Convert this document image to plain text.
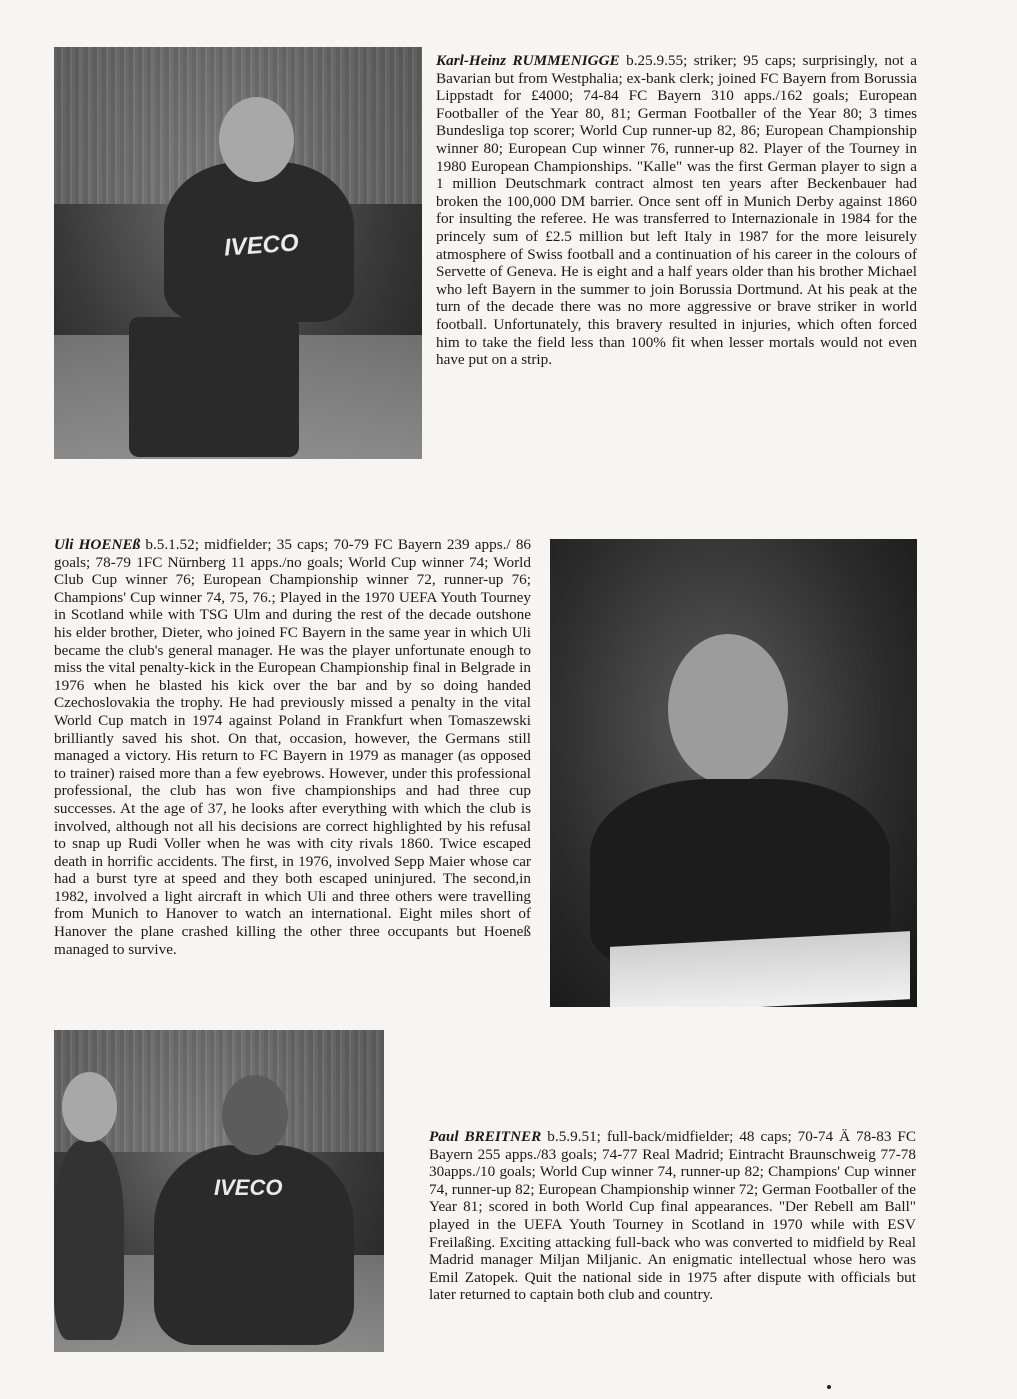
IVECO
Karl-Heinz RUMMENIGGE b.25.9.55; striker; 95 caps; surprisingly, not a Bavarian but from Westphalia; ex-bank clerk; joined FC Bayern from Borussia Lippstadt for £4000; 74-84 FC Bayern 310 apps./162 goals; European Footballer of the Year 80, 81; German Footballer of the Year 80; 3 times Bundesliga top scorer; World Cup runner-up 82, 86; European Championship winner 80; European Cup winner 76, runner-up 82. Player of the Tourney in 1980 European Championships. "Kalle" was the first German player to sign a 1 million Deutschmark contract almost ten years after Beckenbauer had broken the 100,000 DM barrier. Once sent off in Munich Derby against 1860 for insulting the referee. He was transferred to Internazionale in 1984 for the princely sum of £2.5 million but left Italy in 1987 for the more leisurely atmosphere of Swiss football and a continuation of his career in the colours of Servette of Geneva. He is eight and a half years older than his brother Michael who left Bayern in the summer to join Borussia Dortmund. At his peak at the turn of the decade there was no more aggressive or brave striker in world football. Unfortunately, this bravery resulted in injuries, which often forced him to take the field less than 100% fit when lesser mortals would not even have put on a strip.
Uli HOENEß b.5.1.52; midfielder; 35 caps; 70-79 FC Bayern 239 apps./ 86 goals; 78-79 1FC Nürnberg 11 apps./no goals; World Cup winner 74; World Club Cup winner 76; European Championship winner 72, runner-up 76; Champions' Cup winner 74, 75, 76.; Played in the 1970 UEFA Youth Tourney in Scotland while with TSG Ulm and during the rest of the decade outshone his elder brother, Dieter, who joined FC Bayern in the same year in which Uli became the club's general manager. He was the player unfortunate enough to miss the vital penalty-kick in the European Championship final in Belgrade in 1976 when he blasted his kick over the bar and by so doing handed Czechoslovakia the trophy. He had previously missed a penalty in the vital World Cup match in 1974 against Poland in Frankfurt when Tomaszewski brilliantly saved his shot. On that, occasion, however, the Germans still managed a victory. His return to FC Bayern in 1979 as manager (as opposed to trainer) raised more than a few eyebrows. However, under this professional professional, the club has won five championships and had three cup successes. At the age of 37, he looks after everything with which the club is involved, although not all his decisions are correct highlighted by his refusal to snap up Rudi Voller when he was with city rivals 1860. Twice escaped death in horrific accidents. The first, in 1976, involved Sepp Maier whose car had a burst tyre at speed and they both escaped uninjured. The second,in 1982, involved a light aircraft in which Uli and three others were travelling from Munich to Hanover to watch an international. Eight miles short of Hanover the plane crashed killing the other three occupants but Hoeneß managed to survive.
IVECO
Paul BREITNER b.5.9.51; full-back/midfielder; 48 caps; 70-74 Ä 78-83 FC Bayern 255 apps./83 goals; 74-77 Real Madrid; Eintracht Braunschweig 77-78 30apps./10 goals; World Cup winner 74, runner-up 82; Champions' Cup winner 74, runner-up 82; European Championship winner 72; German Footballer of the Year 81; scored in both World Cup final appearances. "Der Rebell am Ball" played in the UEFA Youth Tourney in Scotland in 1970 while with ESV Freilaßing. Exciting attacking full-back who was converted to midfield by Real Madrid manager Miljan Miljanic. An enigmatic intellectual whose hero was Emil Zatopek. Quit the national side in 1975 after dispute with officials but later returned to captain both club and country.
